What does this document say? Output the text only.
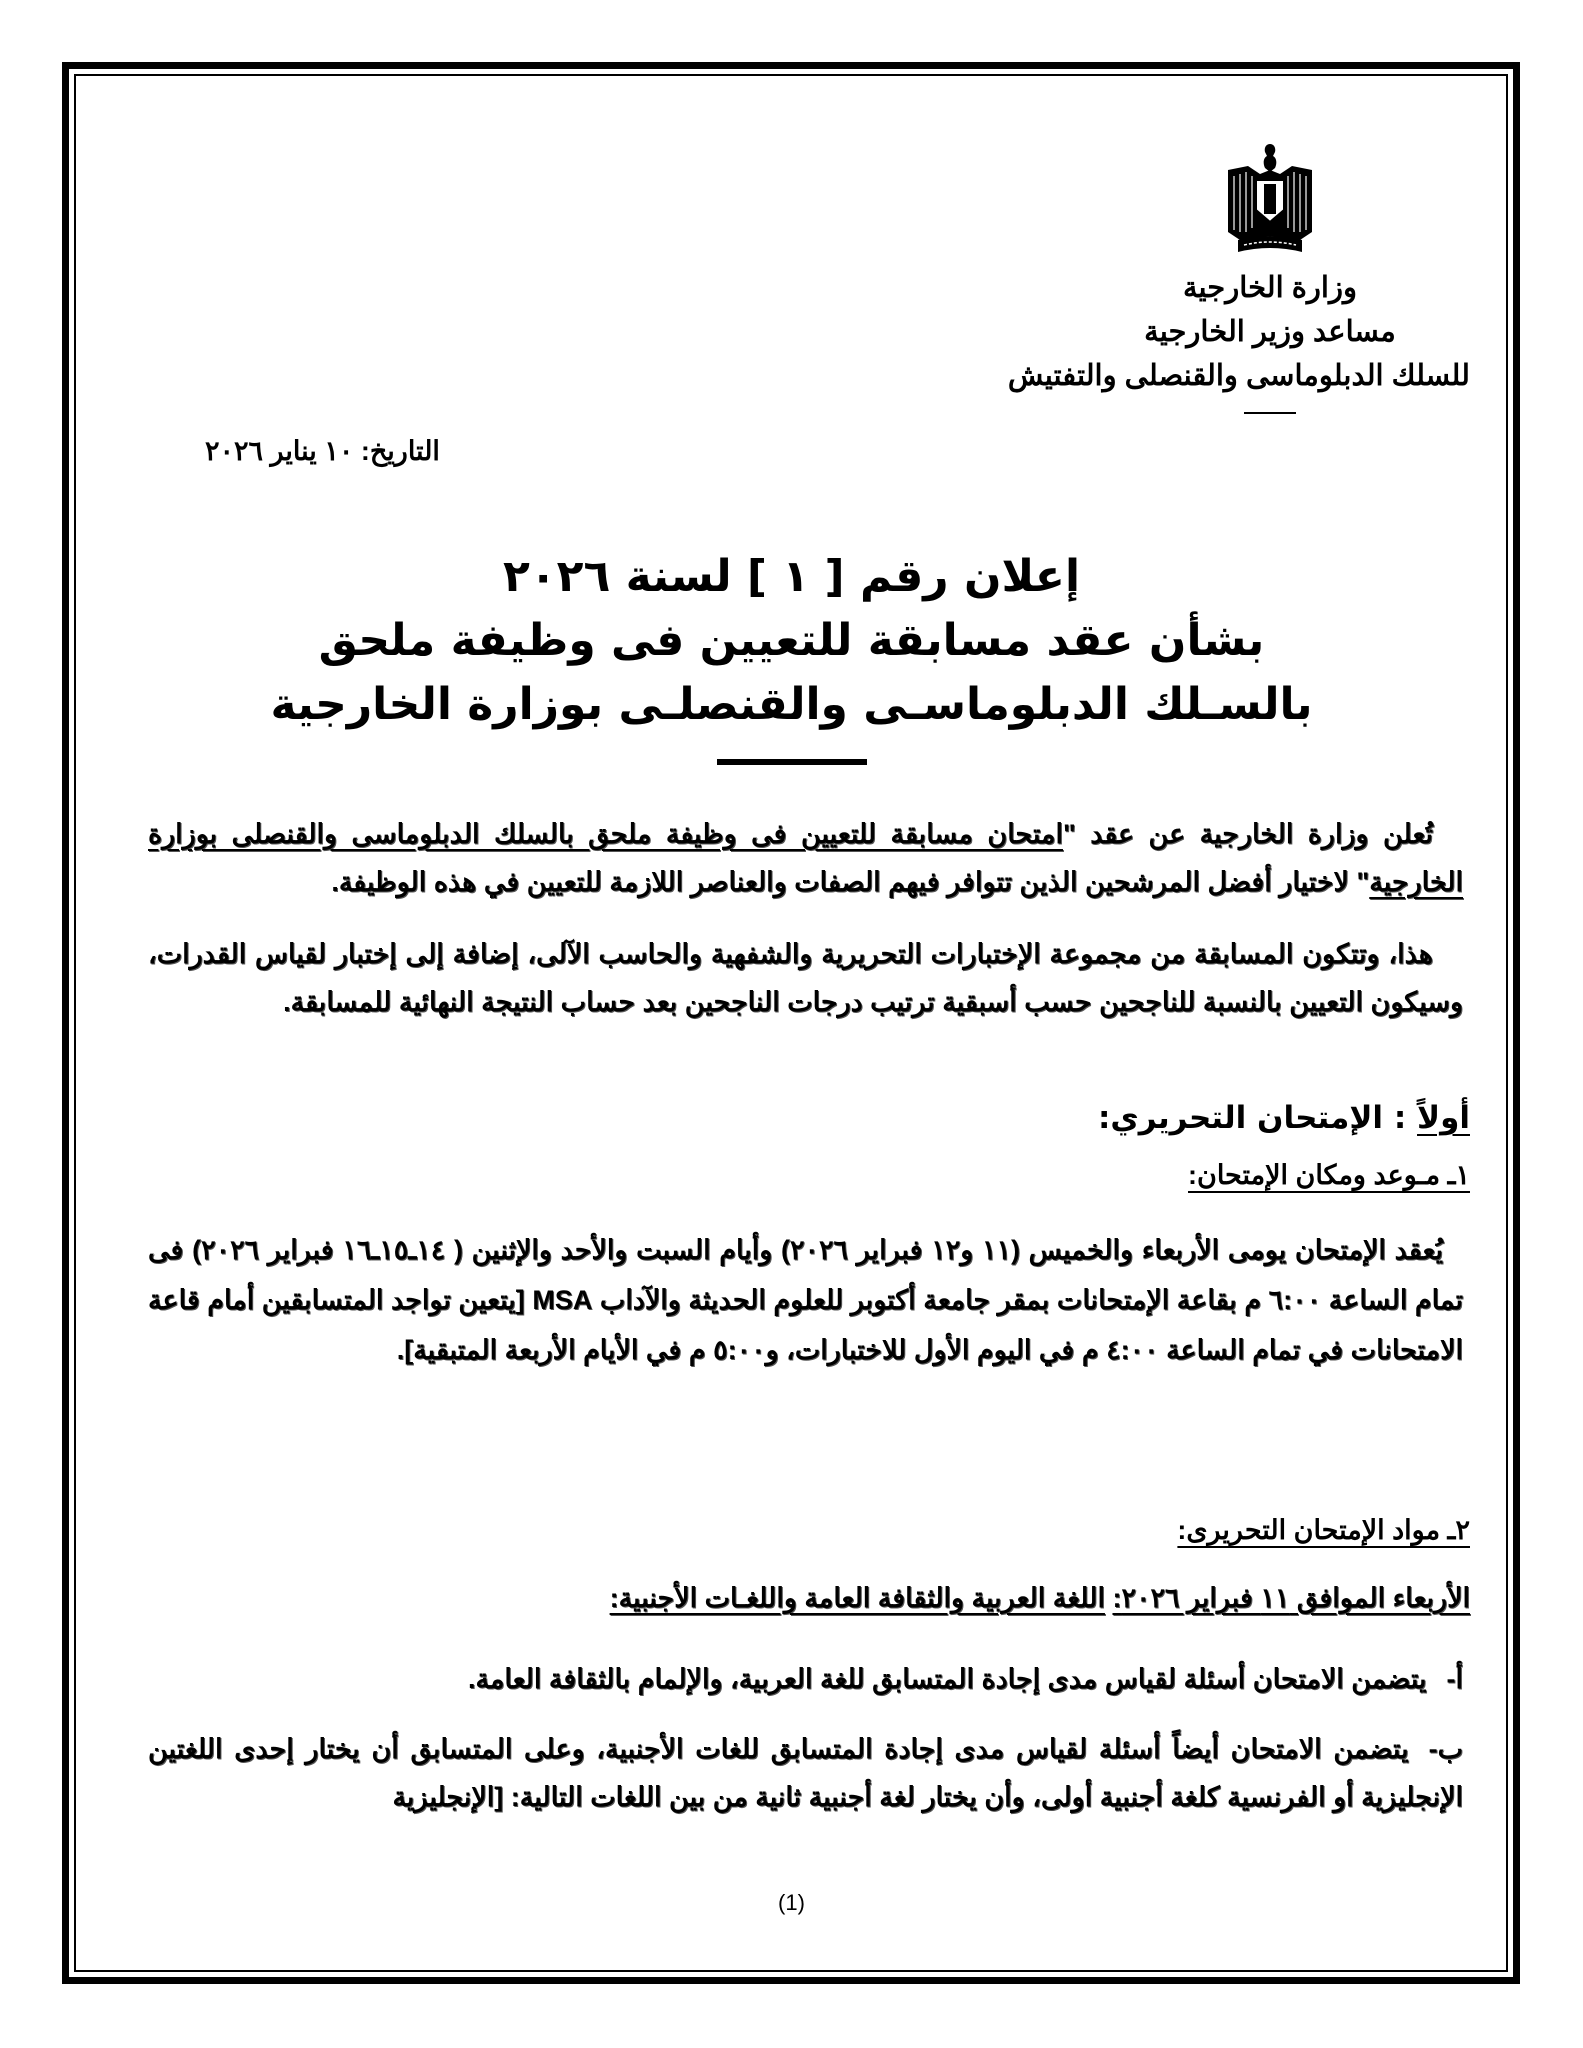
وزارة الخارجية
مساعد وزير الخارجية
للسلك الدبلوماسى والقنصلى والتفتيش
التاريخ: ١٠ يناير ٢٠٢٦
إعلان رقم [ ١ ] لسنة ٢٠٢٦
بشأن عقد مسابقة للتعيين فى وظيفة ملحق
بالسـلك الدبلوماسـى والقنصلـى بوزارة الخارجية
تُعلن وزارة الخارجية عن عقد "امتحان مسابقة للتعيين فى وظيفة ملحق بالسلك الدبلوماسى والقنصلى بوزارة الخارجية" لاختيار أفضل المرشحين الذين تتوافر فيهم الصفات والعناصر اللازمة للتعيين في هذه الوظيفة.
هذا، وتتكون المسابقة من مجموعة الإختبارات التحريرية والشفهية والحاسب الآلى، إضافة إلى إختبار لقياس القدرات، وسيكون التعيين بالنسبة للناجحين حسب أسبقية ترتيب درجات الناجحين بعد حساب النتيجة النهائية للمسابقة.
أولاً : الإمتحان التحريري:
١ـ مـوعد ومكان الإمتحان:
يُعقد الإمتحان يومى الأربعاء والخميس (١١ و١٢ فبراير ٢٠٢٦) وأيام السبت والأحد والإثنين ( ١٤ـ١٥ـ١٦ فبراير ٢٠٢٦) فى تمام الساعة ٦:٠٠ م بقاعة الإمتحانات بمقر جامعة أكتوبر للعلوم الحديثة والآداب MSA [يتعين تواجد المتسابقين أمام قاعة الامتحانات في تمام الساعة ٤:٠٠ م في اليوم الأول للاختبارات، و٥:٠٠ م في الأيام الأربعة المتبقية].
٢ـ مواد الإمتحان التحريرى:
الأربعاء الموافق ١١ فبراير ٢٠٢٦: اللغة العربية والثقافة العامة واللغـات الأجنبية:
أ‌-يتضمن الامتحان أسئلة لقياس مدى إجادة المتسابق للغة العربية، والإلمام بالثقافة العامة.
ب‌-يتضمن الامتحان أيضاً أسئلة لقياس مدى إجادة المتسابق للغات الأجنبية، وعلى المتسابق أن يختار إحدى اللغتين الإنجليزية أو الفرنسية كلغة أجنبية أولى، وأن يختار لغة أجنبية ثانية من بين اللغات التالية: [الإنجليزية
(1)
